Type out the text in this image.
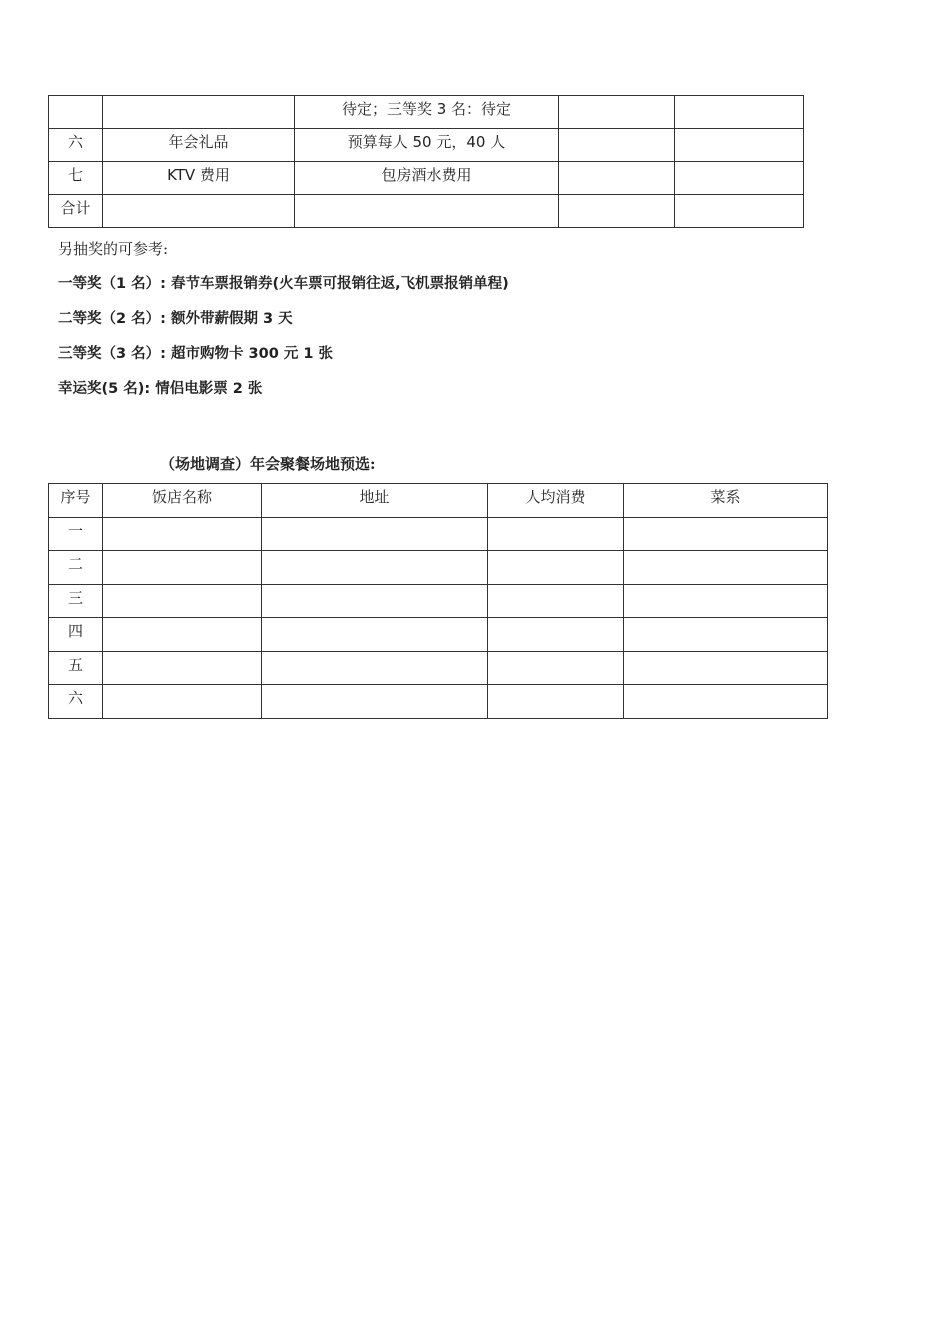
		待定；三等奖 3 名：待定		
六	年会礼品	预算每人 50 元，40 人		
七	KTV 费用	包房酒水费用		
合计				
另抽奖的可参考:
一等奖（1 名）: 春节车票报销券(火车票可报销往返,飞机票报销单程)
二等奖（2 名）: 额外带薪假期 3 天
三等奖（3 名）: 超市购物卡 300 元 1 张
幸运奖(5 名): 情侣电影票 2 张
（场地调查）年会聚餐场地预选:
序号	饭店名称	地址	人均消费	菜系
一				
二				
三				
四				
五				
六				
